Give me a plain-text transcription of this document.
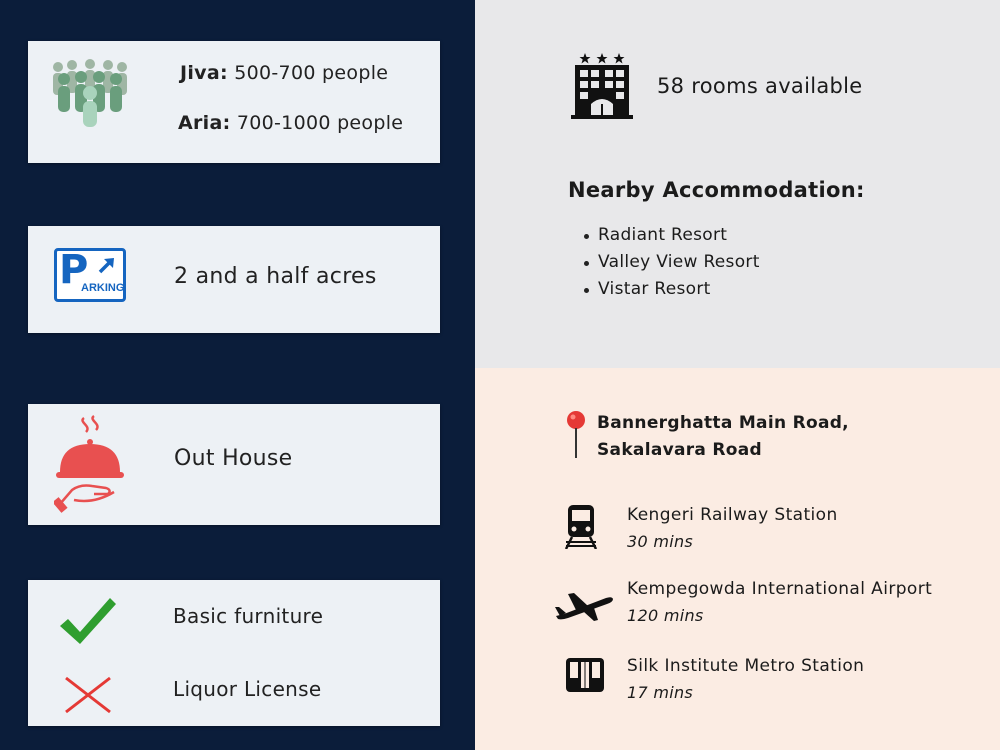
Jiva: 500-700 people
Aria: 700-1000 people
P
ARKING 2 and a half acres
Out House
Basic furniture
Liquor License
58 rooms available
Nearby Accommodation:
Radiant Resort
Valley View Resort
Vistar Resort
Bannerghatta Main Road,
Sakalavara Road
Kengeri Railway Station
30 mins
Kempegowda International Airport
120 mins
Silk Institute Metro Station
17 mins
